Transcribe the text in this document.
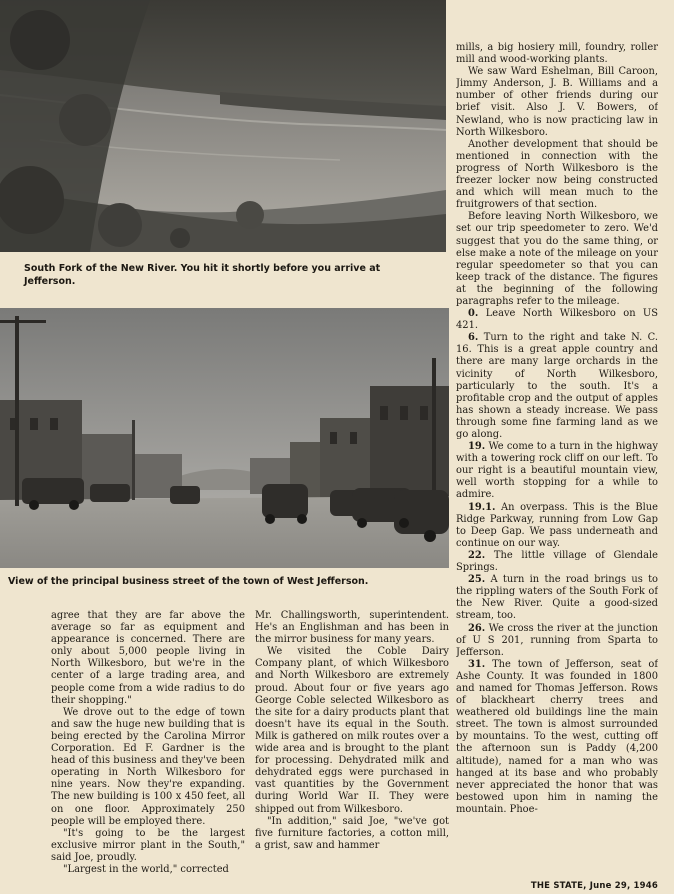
South Fork of the New River. You hit it shortly before you arrive at Jefferson.

View of the principal business street of the town of West Jefferson.

mills, a big hosiery mill, foundry, roller mill and wood-working plants.

We saw Ward Eshelman, Bill Caroon, Jimmy Anderson, J. B. Williams and a number of other friends during our brief visit. Also J. V. Bowers, of Newland, who is now practicing law in North Wilkesboro.

Another development that should be mentioned in connection with the progress of North Wilkesboro is the freezer locker now being constructed and which will mean much to the fruitgrowers of that section.

Before leaving North Wilkesboro, we set our trip speedometer to zero. We'd suggest that you do the same thing, or else make a note of the mileage on your regular speedometer so that you can keep track of the distance. The figures at the beginning of the following paragraphs refer to the mileage.

0. Leave North Wilkesboro on US 421.

6. Turn to the right and take N. C. 16. This is a great apple country and there are many large orchards in the vicinity of North Wilkesboro, particularly to the south. It's a profitable crop and the output of apples has shown a steady increase. We pass through some fine farming land as we go along.

19. We come to a turn in the highway with a towering rock cliff on our left. To our right is a beautiful mountain view, well worth stopping for a while to admire.

19.1. An overpass. This is the Blue Ridge Parkway, running from Low Gap to Deep Gap. We pass underneath and continue on our way.

22. The little village of Glendale Springs.

25. A turn in the road brings us to the rippling waters of the South Fork of the New River. Quite a good-sized stream, too.

26. We cross the river at the junction of U S 201, running from Sparta to Jefferson.

31. The town of Jefferson, seat of Ashe County. It was founded in 1800 and named for Thomas Jefferson. Rows of blackheart cherry trees and weathered old buildings line the main street. The town is almost surrounded by mountains. To the west, cutting off the afternoon sun is Paddy (4,200 altitude), named for a man who was hanged at its base and who probably never appreciated the honor that was bestowed upon him in naming the mountain. Phoe-

agree that they are far above the average so far as equipment and appearance is concerned. There are only about 5,000 people living in North Wilkesboro, but we're in the center of a large trading area, and people come from a wide radius to do their shopping."

We drove out to the edge of town and saw the huge new building that is being erected by the Carolina Mirror Corporation. Ed F. Gardner is the head of this business and they've been operating in North Wilkesboro for nine years. Now they're expanding. The new building is 100 x 450 feet, all on one floor. Approximately 250 people will be employed there.

"It's going to be the largest exclusive mirror plant in the South," said Joe, proudly.

"Largest in the world," corrected

Mr. Challingsworth, superintendent. He's an Englishman and has been in the mirror business for many years.

We visited the Coble Dairy Company plant, of which Wilkesboro and North Wilkesboro are extremely proud. About four or five years ago George Coble selected Wilkesboro as the site for a dairy products plant that doesn't have its equal in the South. Milk is gathered on milk routes over a wide area and is brought to the plant for processing. Dehydrated milk and dehydrated eggs were purchased in vast quantities by the Government during World War II. They were shipped out from Wilkesboro.

"In addition," said Joe, "we've got five furniture factories, a cotton mill, a grist, saw and hammer

THE STATE, June 29, 1946
